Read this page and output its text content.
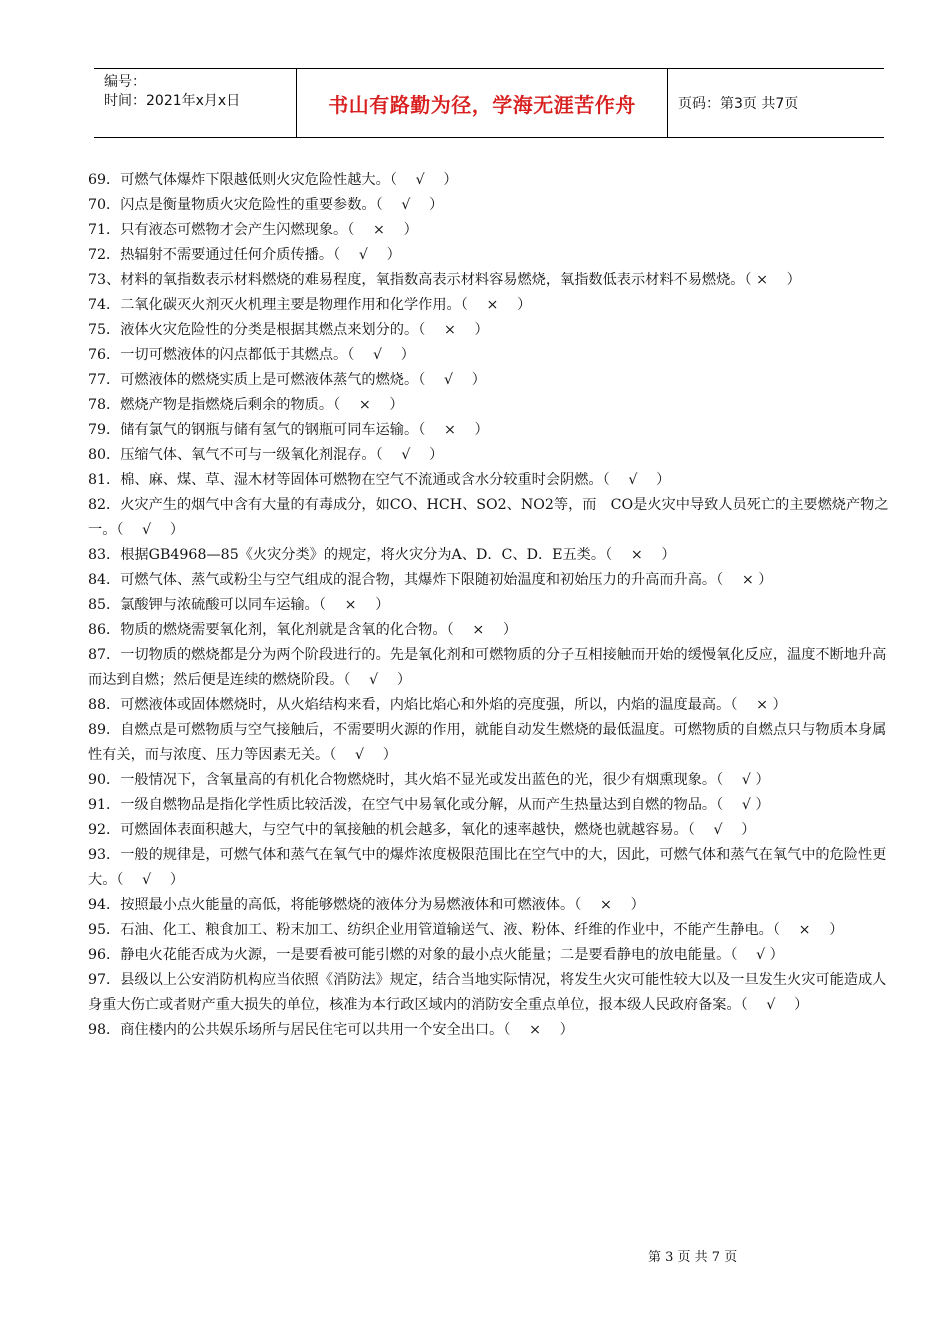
编号：
时间：2021年x月x日	书山有路勤为径，学海无涯苦作舟	页码：第3页 共7页

69．可燃气体爆炸下限越低则火灾危险性越大。（　 √　 ）

70．闪点是衡量物质火灾危险性的重要参数。（　 √　 ）

71．只有液态可燃物才会产生闪燃现象。（　 ×　 ）

72．热辐射不需要通过任何介质传播。（　 √　 ）

73、材料的氧指数表示材料燃烧的难易程度，氧指数高表示材料容易燃烧，氧指数低表示材料不易燃烧。（ ×　 ）

74．二氧化碳灭火剂灭火机理主要是物理作用和化学作用。（　 ×　 ）

75．液体火灾危险性的分类是根据其燃点来划分的。（　 ×　 ）

76．一切可燃液体的闪点都低于其燃点。（　 √　 ）

77．可燃液体的燃烧实质上是可燃液体蒸气的燃烧。（　 √　 ）

78．燃烧产物是指燃烧后剩余的物质。（　 ×　 ）

79．储有氯气的钢瓶与储有氢气的钢瓶可同车运输。（　 ×　 ）

80．压缩气体、氧气不可与一级氧化剂混存。（　 √　 ）

81．棉、麻、煤、草、湿木材等固体可燃物在空气不流通或含水分较重时会阴燃。（　 √　 ）

82．火灾产生的烟气中含有大量的有毒成分，如CO、HCH、SO2、NO2等，而　CO是火灾中导致人员死亡的主要燃烧产物之一。（　 √　 ）

83．根据GB4968—85《火灾分类》的规定，将火灾分为A、D．C、D．E五类。（　 ×　 ）

84．可燃气体、蒸气或粉尘与空气组成的混合物，其爆炸下限随初始温度和初始压力的升高而升高。（　 × ）

85．氯酸钾与浓硫酸可以同车运输。（　 ×　 ）

86．物质的燃烧需要氧化剂，氧化剂就是含氧的化合物。（　 ×　 ）

87．一切物质的燃烧都是分为两个阶段进行的。先是氧化剂和可燃物质的分子互相接触而开始的缓慢氧化反应，温度不断地升高而达到自燃；然后便是连续的燃烧阶段。（　 √　 ）

88．可燃液体或固体燃烧时，从火焰结构来看，内焰比焰心和外焰的亮度强，所以，内焰的温度最高。（　 × ）

89．自燃点是可燃物质与空气接触后，不需要明火源的作用，就能自动发生燃烧的最低温度。可燃物质的自燃点只与物质本身属性有关，而与浓度、压力等因素无关。（　 √　 ）

90．一般情况下，含氧量高的有机化合物燃烧时，其火焰不显光或发出蓝色的光，很少有烟熏现象。（　 √ ）

91．一级自燃物品是指化学性质比较活泼，在空气中易氧化或分解，从而产生热量达到自燃的物品。（　 √ ）

92．可燃固体表面积越大，与空气中的氧接触的机会越多，氧化的速率越快，燃烧也就越容易。（　 √　 ）

93．一般的规律是，可燃气体和蒸气在氧气中的爆炸浓度极限范围比在空气中的大，因此，可燃气体和蒸气在氧气中的危险性更大。（　 √　 ）

94．按照最小点火能量的高低，将能够燃烧的液体分为易燃液体和可燃液体。（　 ×　 ）

95．石油、化工、粮食加工、粉末加工、纺织企业用管道输送气、液、粉体、纤维的作业中，不能产生静电。（　 ×　 ）

96．静电火花能否成为火源，一是要看被可能引燃的对象的最小点火能量；二是要看静电的放电能量。（　 √ ）

97．县级以上公安消防机构应当依照《消防法》规定，结合当地实际情况，将发生火灾可能性较大以及一旦发生火灾可能造成人身重大伤亡或者财产重大损失的单位，核准为本行政区域内的消防安全重点单位，报本级人民政府备案。（　 √　 ）

98．商住楼内的公共娱乐场所与居民住宅可以共用一个安全出口。（　 ×　 ）

第 3 页 共 7 页
